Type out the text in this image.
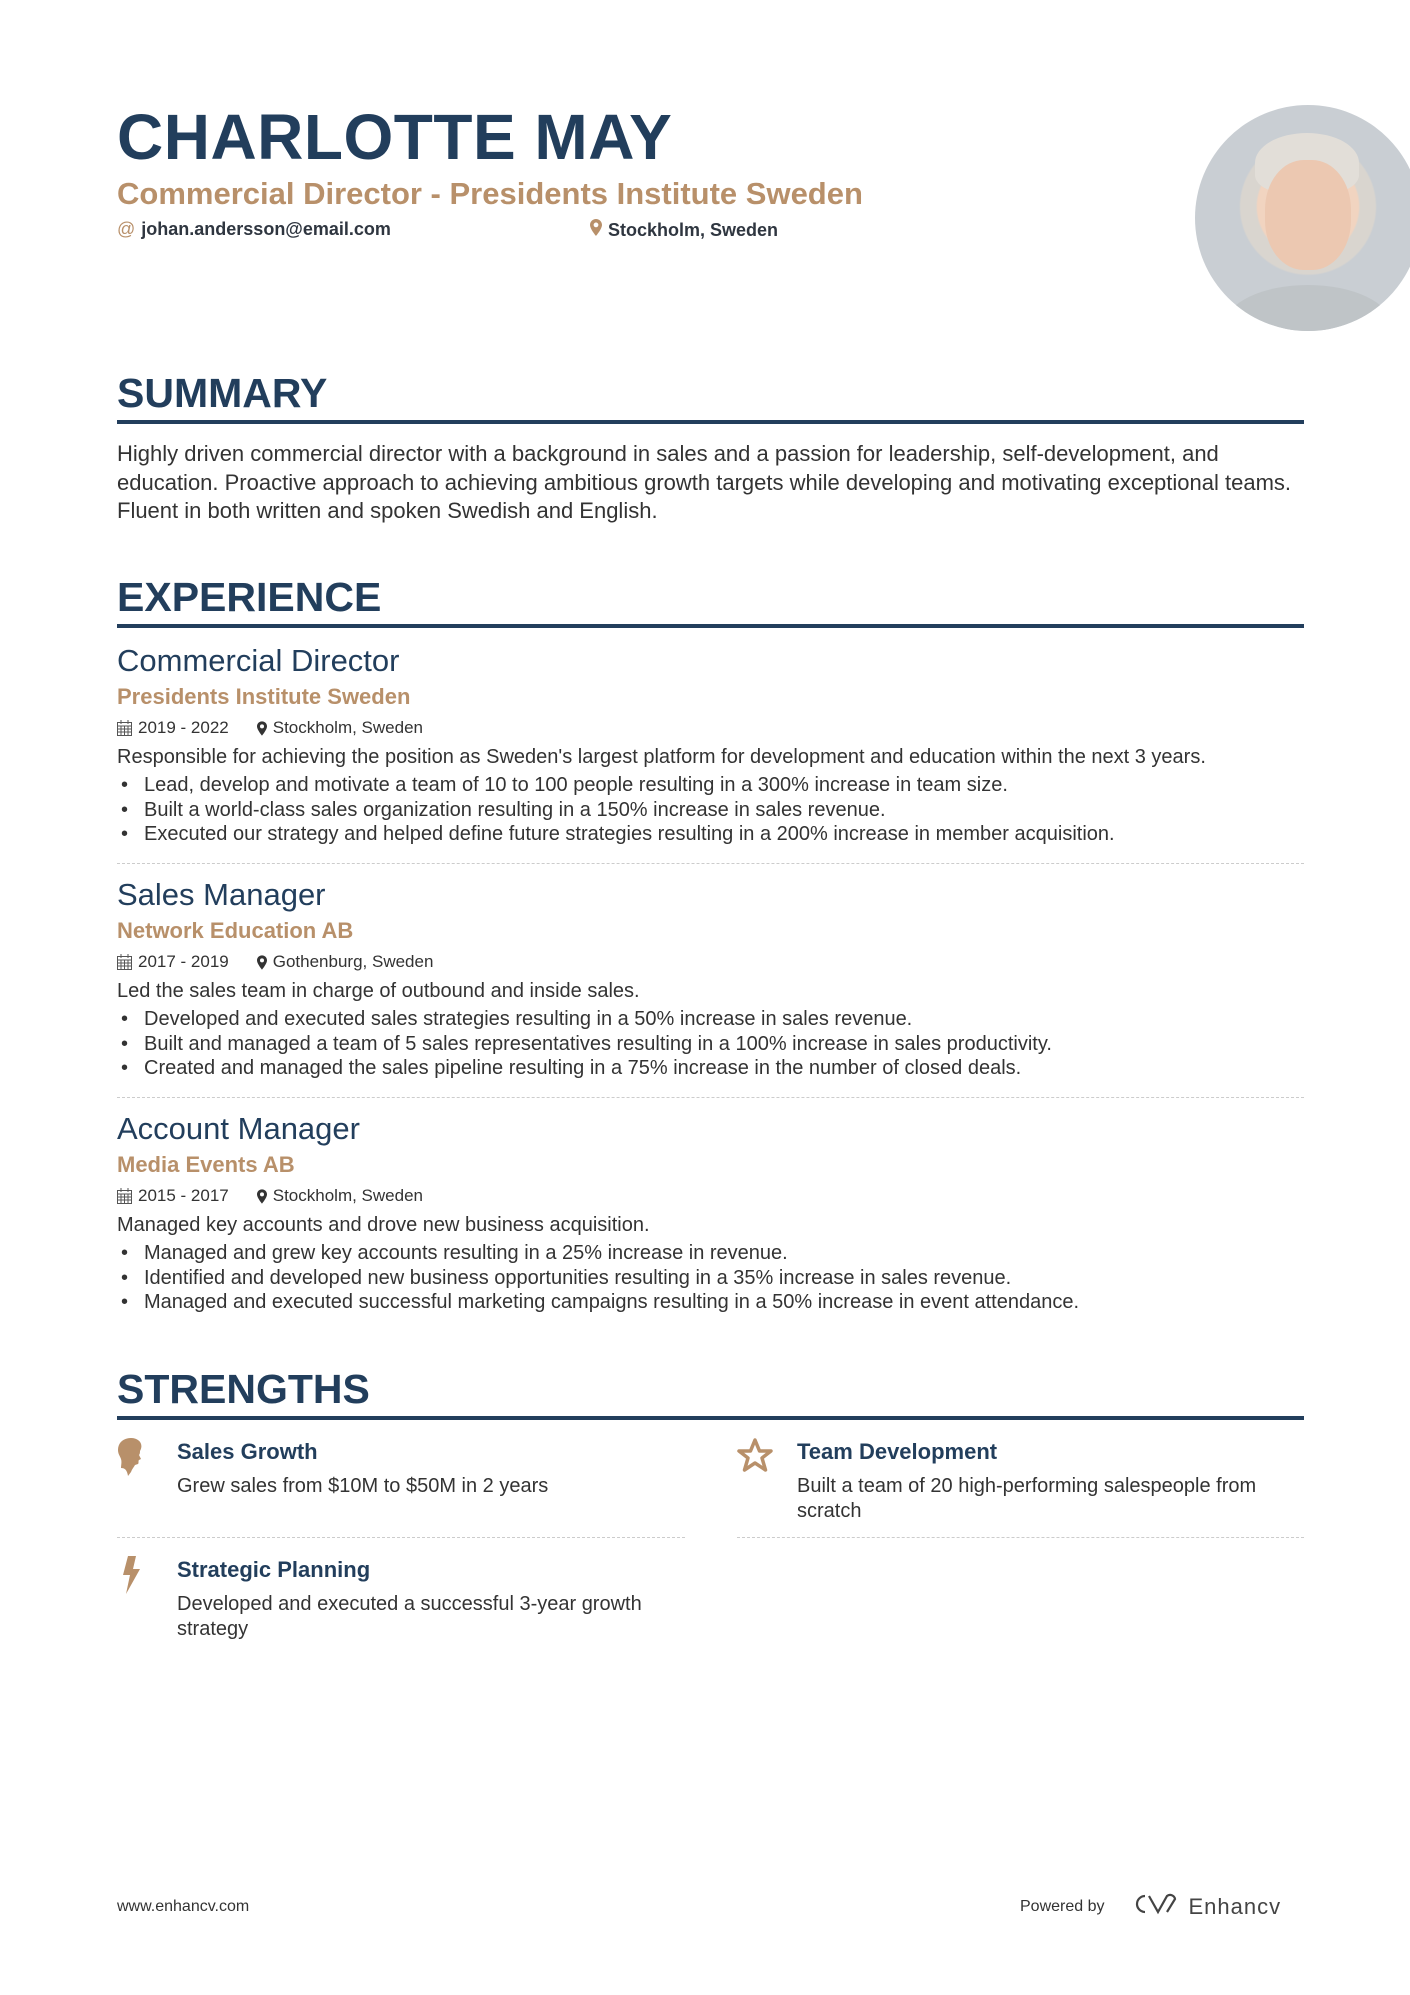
CHARLOTTE MAY
Commercial Director - Presidents Institute Sweden
@ johan.andersson@email.com	Stockholm, Sweden
SUMMARY
Highly driven commercial director with a background in sales and a passion for leadership, self-development, and education. Proactive approach to achieving ambitious growth targets while developing and motivating exceptional teams. Fluent in both written and spoken Swedish and English.
EXPERIENCE
Commercial Director
Presidents Institute Sweden
2019 - 2022	Stockholm, Sweden
Responsible for achieving the position as Sweden's largest platform for development and education within the next 3 years.
• Lead, develop and motivate a team of 10 to 100 people resulting in a 300% increase in team size.
• Built a world-class sales organization resulting in a 150% increase in sales revenue.
• Executed our strategy and helped define future strategies resulting in a 200% increase in member acquisition.
Sales Manager
Network Education AB
2017 - 2019	Gothenburg, Sweden
Led the sales team in charge of outbound and inside sales.
• Developed and executed sales strategies resulting in a 50% increase in sales revenue.
• Built and managed a team of 5 sales representatives resulting in a 100% increase in sales productivity.
• Created and managed the sales pipeline resulting in a 75% increase in the number of closed deals.
Account Manager
Media Events AB
2015 - 2017	Stockholm, Sweden
Managed key accounts and drove new business acquisition.
• Managed and grew key accounts resulting in a 25% increase in revenue.
• Identified and developed new business opportunities resulting in a 35% increase in sales revenue.
• Managed and executed successful marketing campaigns resulting in a 50% increase in event attendance.
STRENGTHS
Sales Growth
Grew sales from $10M to $50M in 2 years
Team Development
Built a team of 20 high-performing salespeople from scratch
Strategic Planning
Developed and executed a successful 3-year growth strategy
www.enhancv.com	Powered by	Enhancv
